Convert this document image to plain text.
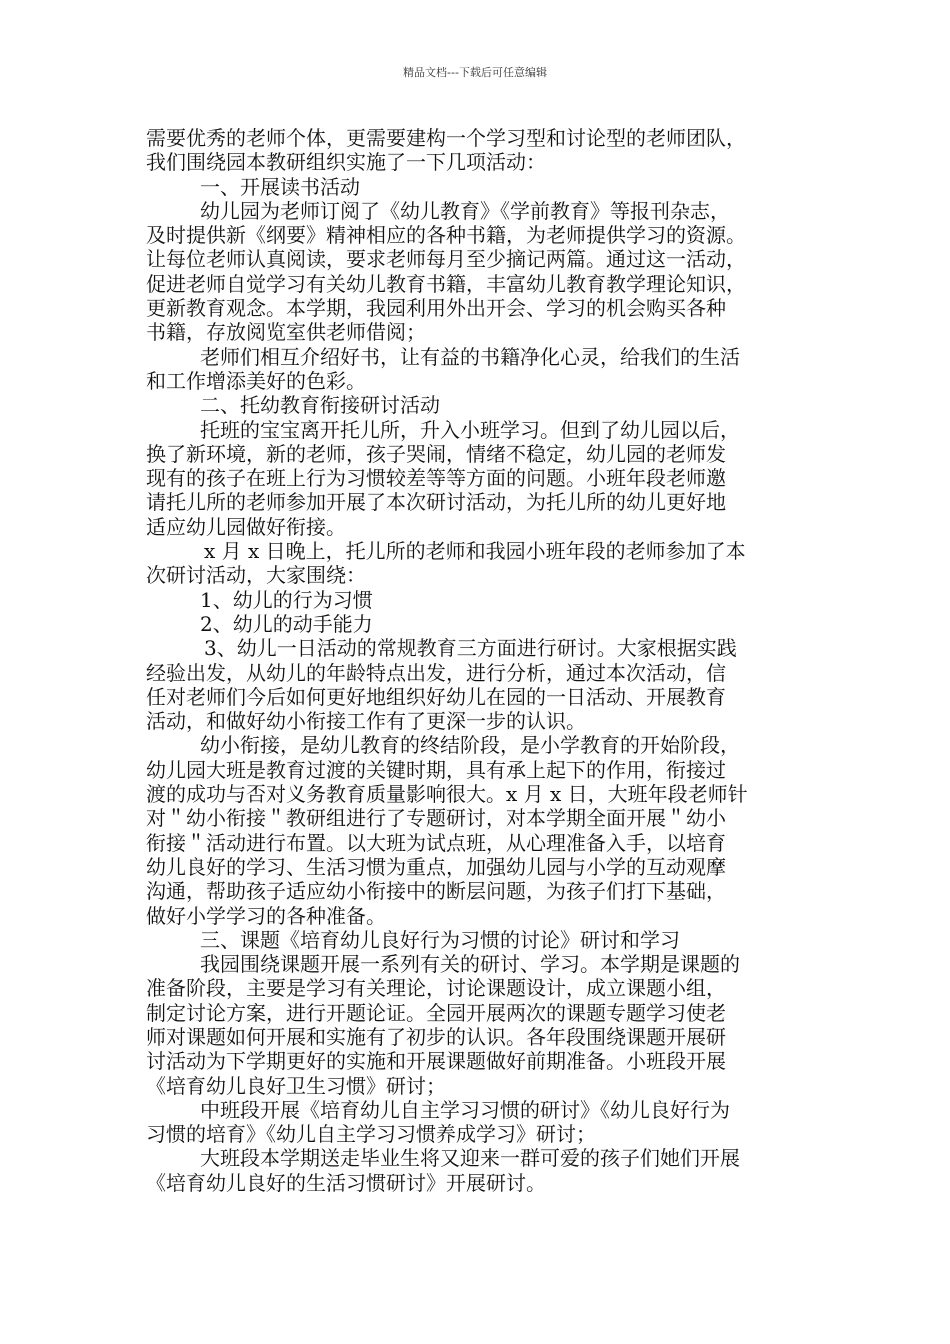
精品文档---下载后可任意编辑
需要优秀的老师个体，更需要建构一个学习型和讨论型的老师团队，
我们围绕园本教研组织实施了一下几项活动：
一、开展读书活动
幼儿园为老师订阅了《幼儿教育》《学前教育》等报刊杂志，
及时提供新《纲要》精神相应的各种书籍，为老师提供学习的资源。
让每位老师认真阅读，要求老师每月至少摘记两篇。通过这一活动，
促进老师自觉学习有关幼儿教育书籍，丰富幼儿教育教学理论知识，
更新教育观念。本学期，我园利用外出开会、学习的机会购买各种
书籍，存放阅览室供老师借阅；
老师们相互介绍好书，让有益的书籍净化心灵，给我们的生活
和工作增添美好的色彩。
二、托幼教育衔接研讨活动
托班的宝宝离开托儿所，升入小班学习。但到了幼儿园以后，
换了新环境，新的老师，孩子哭闹，情绪不稳定，幼儿园的老师发
现有的孩子在班上行为习惯较差等等方面的问题。小班年段老师邀
请托儿所的老师参加开展了本次研讨活动，为托儿所的幼儿更好地
适应幼儿园做好衔接。
x 月 x 日晚上，托儿所的老师和我园小班年段的老师参加了本
次研讨活动，大家围绕：
1、幼儿的行为习惯
2、幼儿的动手能力
3、幼儿一日活动的常规教育三方面进行研讨。大家根据实践
经验出发，从幼儿的年龄特点出发，进行分析，通过本次活动，信
任对老师们今后如何更好地组织好幼儿在园的一日活动、开展教育
活动，和做好幼小衔接工作有了更深一步的认识。
幼小衔接，是幼儿教育的终结阶段，是小学教育的开始阶段，
幼儿园大班是教育过渡的关键时期，具有承上起下的作用，衔接过
渡的成功与否对义务教育质量影响很大。x 月 x 日，大班年段老师针
对＂幼小衔接＂教研组进行了专题研讨，对本学期全面开展＂幼小
衔接＂活动进行布置。以大班为试点班，从心理准备入手，以培育
幼儿良好的学习、生活习惯为重点，加强幼儿园与小学的互动观摩
沟通，帮助孩子适应幼小衔接中的断层问题，为孩子们打下基础，
做好小学学习的各种准备。
三、课题《培育幼儿良好行为习惯的讨论》研讨和学习
我园围绕课题开展一系列有关的研讨、学习。本学期是课题的
准备阶段，主要是学习有关理论，讨论课题设计，成立课题小组，
制定讨论方案，进行开题论证。全园开展两次的课题专题学习使老
师对课题如何开展和实施有了初步的认识。各年段围绕课题开展研
讨活动为下学期更好的实施和开展课题做好前期准备。小班段开展
《培育幼儿良好卫生习惯》研讨；
中班段开展《培育幼儿自主学习习惯的研讨》《幼儿良好行为
习惯的培育》《幼儿自主学习习惯养成学习》研讨；
大班段本学期送走毕业生将又迎来一群可爱的孩子们她们开展
《培育幼儿良好的生活习惯研讨》开展研讨。
